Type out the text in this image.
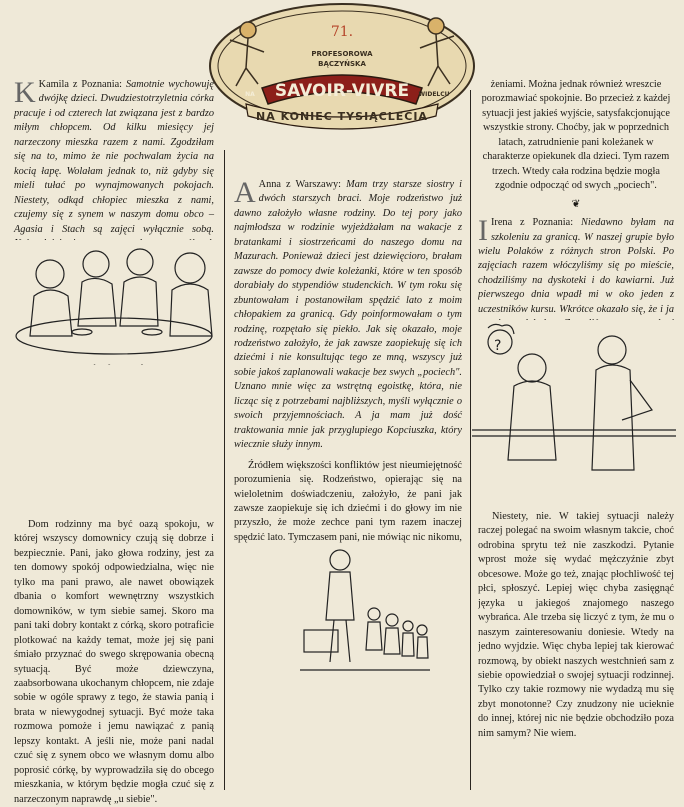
71.
PROFESOROWA
BĄCZYŃSKA
SAVOIR-VIVRE
NA	WIDELCU
NA KONIEC TYSIĄCLECIA

K Kamila z Poznania: Samotnie wychowuję dwójkę dzieci. Dwudziestotrzyletnia córka pracuje i od czterech lat związana jest z bardzo miłym chłopcem. Od kilku miesięcy jej narzeczony mieszka razem z nami. Zgodziłam się na to, mimo że nie pochwalam życia na kocią łapę. Wolałam jednak to, niż gdyby się mieli tułać po wynajmowanych pokojach. Niestety, odkąd chłopiec mieszka z nami, czujemy się z synem w naszym domu obco – Agasia i Stach są zajęci wyłącznie sobą.

Dom rodzinny ma być oazą spokoju, w której wszyscy domownicy czują się dobrze i bezpiecznie. Pani, jako głowa rodziny, jest za ten domowy spokój odpowiedzialna, więc nie tylko ma pani prawo, ale nawet obowiązek dbania o komfort wewnętrzny wszystkich domowników, w tym siebie samej. Skoro ma pani taki dobry kontakt z córką, skoro potraficie plotkować na każdy temat, może jej się pani śmiało przyznać do swego skrępowania obecną sytuacją. Być może dziewczyna, zaabsorbowana ukochanym chłopcem, nie zdaje sobie w ogóle sprawy z tego, że stawia panią i brata w niewygodnej sytuacji. Być może taka rozmowa pomoże i jemu nawiązać z panią lepszy kontakt. A jeśli nie, może pani nadal czuć się z synem obco we własnym domu albo poprosić córkę, by wyprowadziła się do obcego mieszkania, w którym będzie mogła czuć się z narzeczonym naprawdę „u siebie".

A Anna z Warszawy: Mam trzy starsze siostry i dwóch starszych braci. Moje rodzeństwo już dawno założyło własne rodziny. Do tej pory jako najmłodsza w rodzinie wyjeżdżałam na wakacje z bratankami i siostrzeńcami do naszego domu na Mazurach. Ponieważ dzieci jest dziewięcioro, brałam zawsze do pomocy dwie koleżanki, które w ten sposób dorabiały do stypendiów studenckich. W tym roku się zbuntowałam i postanowiłam spędzić lato z moim chłopakiem za granicą. Gdy poinformowałam o tym rodzinę, rozpętało się piekło. Jak się okazało, moje rodzeństwo założyło, że jak zawsze zaopiekuję się ich dziećmi i nie konsultując tego ze mną, wszyscy już sobie jakoś zaplanowali wakacje bez swych „pociech". Uznano mnie więc za wstrętną egoistkę, która, nie licząc się z potrzebami najbliższych, myśli wyłącznie o swoich przyjemnościach. A ja mam już dość traktowania mnie jak przyglupiego Kopciuszka, który wiecznie służy innym.

Źródłem większości konfliktów jest nieumiejętność porozumienia się. Rodzeństwo, opierając się na wieloletnim doświadczeniu, założyło, że pani jak zawsze zaopiekuje się ich dziećmi i do głowy im nie przyszło, że może zechce pani tym razem inaczej spędzić lato. Tymczasem pani, nie mówiąc nic nikomu,

żeniami. Można jednak również wreszcie porozmawiać spokojnie. Bo przecież z każdej sytuacji jest jakieś wyjście, satysfakcjonujące wszystkie strony. Choćby, jak w poprzednich latach, zatrudnienie pani koleżanek w charakterze opiekunek dla dzieci. Tym razem trzech. Wtedy cała rodzina będzie mogła zgodnie odpocząć od swych „pociech".

❦

I Irena z Poznania: Niedawno byłam na szkoleniu za granicą. W naszej grupie było wielu Polaków z różnych stron Polski. Po zajęciach razem włóczyliśmy się po mieście, chodziliśmy na dyskoteki i do kawiarni. Już pierwszego dnia wpadł mi w oko jeden z uczestników kursu. Wkrótce okazało się, że i ja

?

Niestety, nie. W takiej sytuacji należy raczej polegać na swoim własnym takcie, choć odrobina sprytu też nie zaszkodzi. Pytanie wprost może się wydać mężczyźnie zbyt obcesowe. Może go też, znając płochliwość tej płci, spłoszyć. Lepiej więc chyba zasięgnąć języka u jakiegoś znajomego naszego wybrańca. Ale trzeba się liczyć z tym, że mu o naszym zainteresowaniu doniesie. Wtedy na jedno wyjdzie. Więc chyba lepiej tak kierować rozmową, by obiekt naszych westchnień sam z siebie opowiedział o swojej sytuacji rodzinnej. Tylko czy takie rozmowy nie wydadzą mu się zbyt monotonne? Czy znudzony nie ucieknie do innej, której nic nie będzie obchodziło poza nim samym? Nie wiem.
